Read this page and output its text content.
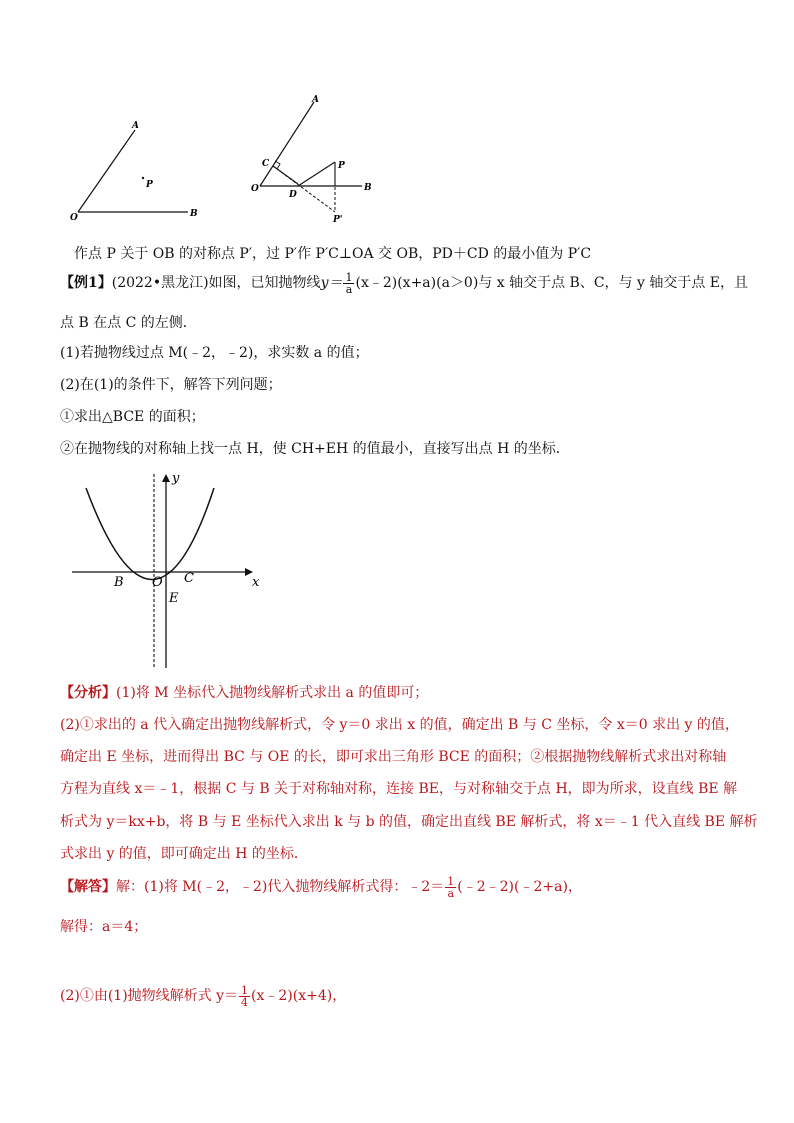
A
P
O	B
A
C	P
O
D
B
P'
作点 P 关于 OB 的对称点 P′，过 P′作 P′C⊥OA 交 OB，PD＋CD 的最小值为 P′C
【例1】(2022•黑龙江)如图，已知抛物线$y= \frac{1}{a}$ (x﹣2)(x+a)(a＞0)与 x 轴交于点 B、C，与 y 轴交于点 E，且
点 B 在点 C 的左侧．
(1)若抛物线过点 M(﹣2，﹣2)，求实数 a 的值；
(2)在(1)的条件下，解答下列问题；
①求出△BCE 的面积；
②在抛物线的对称轴上找一点 H，使 CH+EH 的值最小，直接写出点 H 的坐标．
y
B O C
E
x
【分析】(1)将 M 坐标代入抛物线解析式求出 a 的值即可；
(2)①求出的 a 代入确定出抛物线解析式，令 y＝0 求出 x 的值，确定出 B 与 C 坐标，令 x＝0 求出 y 的值，
确定出 E 坐标，进而得出 BC 与 OE 的长，即可求出三角形 BCE 的面积；②根据抛物线解析式求出对称轴
方程为直线 x＝﹣1，根据 C 与 B 关于对称轴对称，连接 BE，与对称轴交于点 H，即为所求，设直线 BE 解
析式为 y＝kx+b，将 B 与 E 坐标代入求出 k 与 b 的值，确定出直线 BE 解析式，将 x＝﹣1 代入直线 BE 解析
式求出 y 的值，即可确定出 H 的坐标．
【解答】解：(1)将 M(﹣2，﹣2)代入抛物线解析式得：﹣2＝ $\frac{1}{a}$ (﹣2﹣2)(﹣2+a)，
解得：a＝4；
(2)①由(1)抛物线解析式 $y= \frac{1}{4}$ (x﹣2)(x+4)，
